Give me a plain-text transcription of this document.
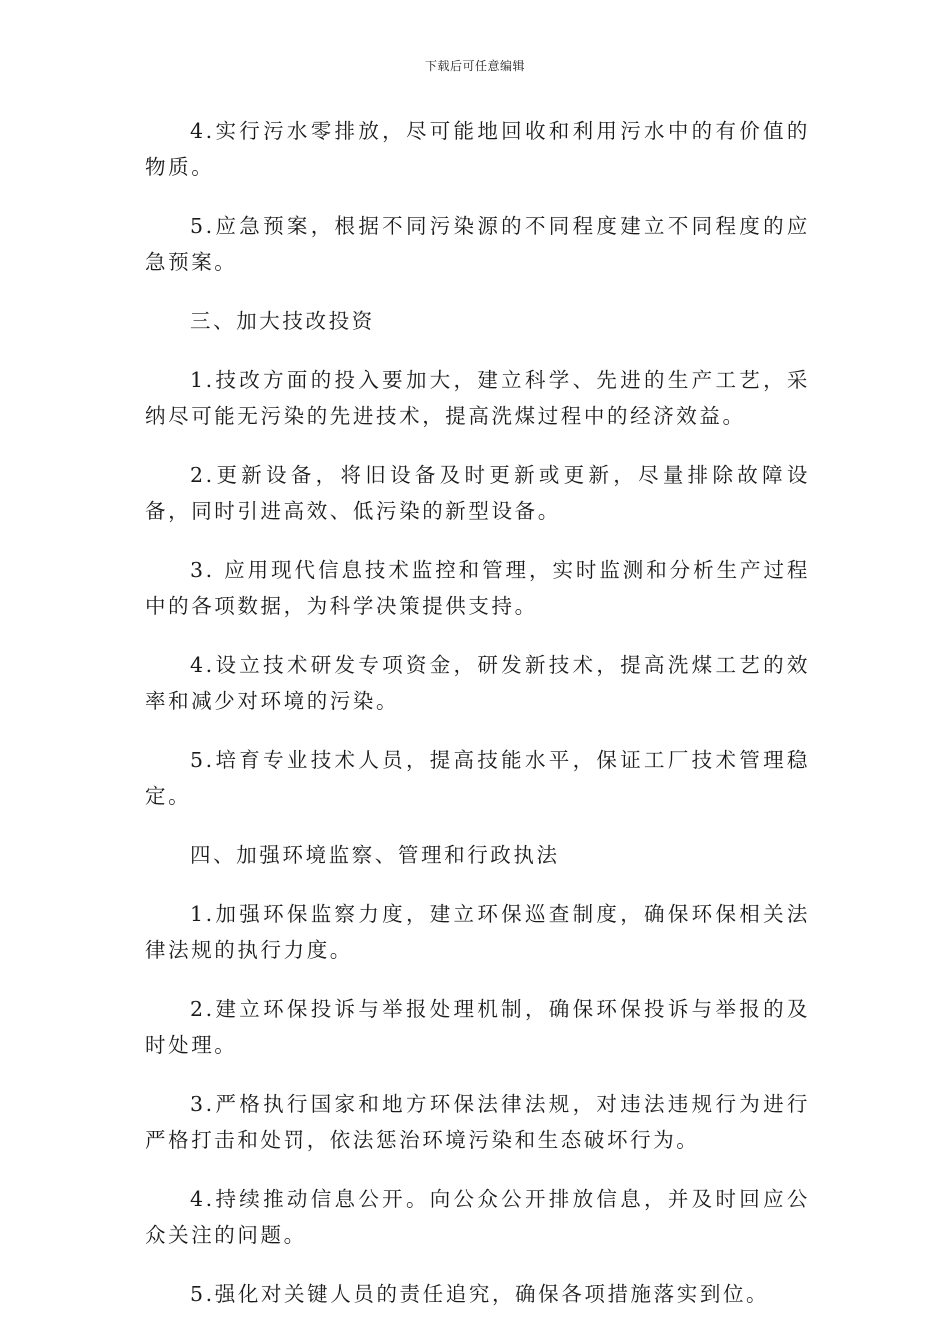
下载后可任意编辑

4.实行污水零排放，尽可能地回收和利用污水中的有价值的物质。

5.应急预案，根据不同污染源的不同程度建立不同程度的应急预案。

三、加大技改投资

1.技改方面的投入要加大，建立科学、先进的生产工艺，采纳尽可能无污染的先进技术，提高洗煤过程中的经济效益。

2.更新设备，将旧设备及时更新或更新，尽量排除故障设备，同时引进高效、低污染的新型设备。

3. 应用现代信息技术监控和管理，实时监测和分析生产过程中的各项数据，为科学决策提供支持。

4.设立技术研发专项资金，研发新技术，提高洗煤工艺的效率和减少对环境的污染。

5.培育专业技术人员，提高技能水平，保证工厂技术管理稳定。

四、加强环境监察、管理和行政执法

1.加强环保监察力度，建立环保巡查制度，确保环保相关法律法规的执行力度。

2.建立环保投诉与举报处理机制，确保环保投诉与举报的及时处理。

3.严格执行国家和地方环保法律法规，对违法违规行为进行严格打击和处罚，依法惩治环境污染和生态破坏行为。

4.持续推动信息公开。向公众公开排放信息，并及时回应公众关注的问题。

5.强化对关键人员的责任追究，确保各项措施落实到位。
